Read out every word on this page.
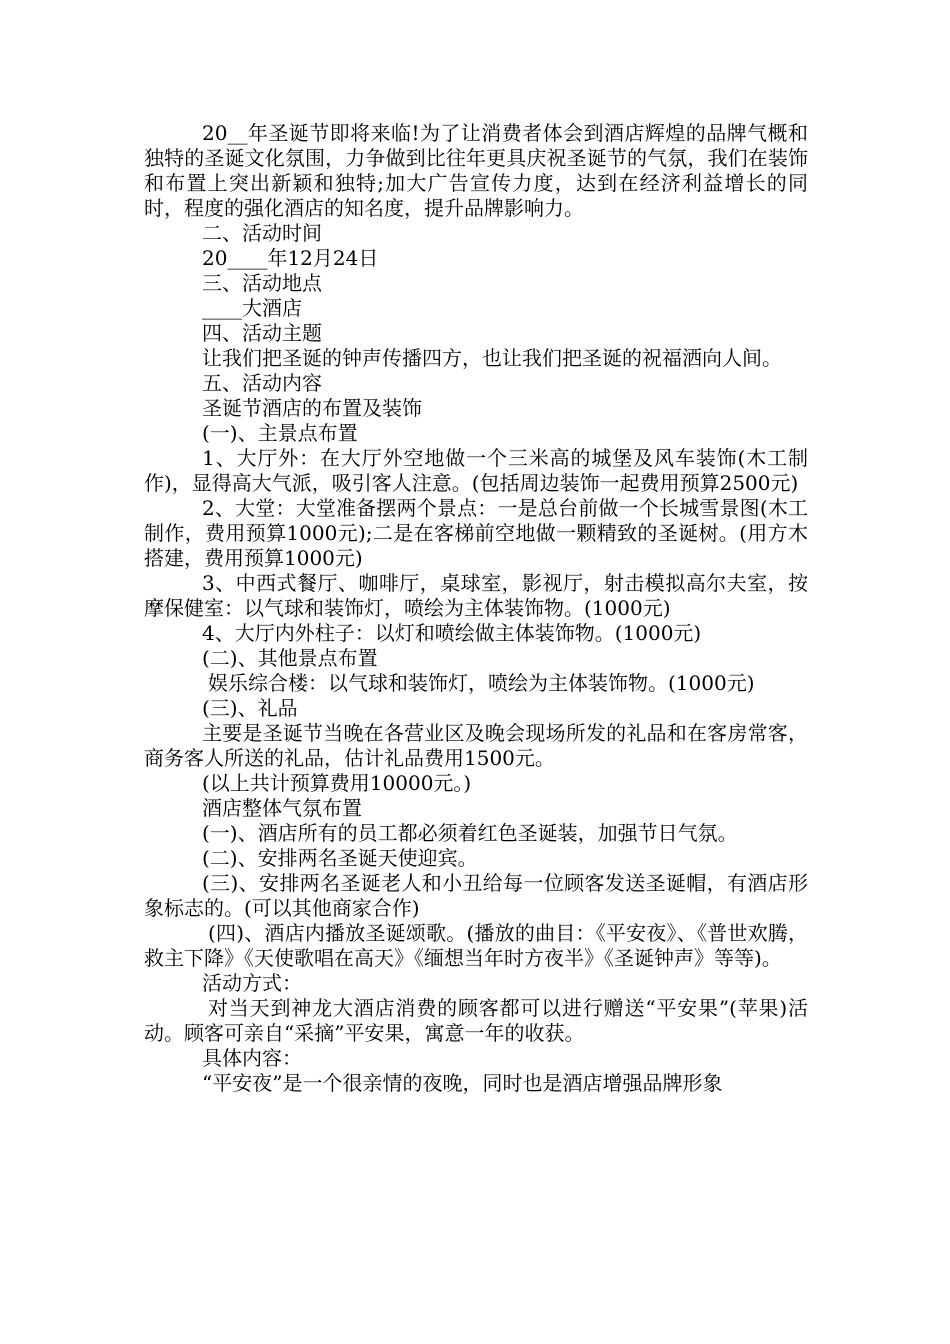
20__年圣诞节即将来临!为了让消费者体会到酒店辉煌的品牌气概和独特的圣诞文化氛围，力争做到比往年更具庆祝圣诞节的气氛，我们在装饰和布置上突出新颖和独特;加大广告宣传力度，达到在经济利益增长的同时，程度的强化酒店的知名度，提升品牌影响力。

二、活动时间

20____年12月24日

三、活动地点

____大酒店

四、活动主题

让我们把圣诞的钟声传播四方，也让我们把圣诞的祝福洒向人间。

五、活动内容

圣诞节酒店的布置及装饰

(一)、主景点布置

1、大厅外：在大厅外空地做一个三米高的城堡及风车装饰(木工制作)，显得高大气派，吸引客人注意。(包括周边装饰一起费用预算2500元)

2、大堂：大堂准备摆两个景点：一是总台前做一个长城雪景图(木工制作，费用预算1000元);二是在客梯前空地做一颗精致的圣诞树。(用方木搭建，费用预算1000元)

3、中西式餐厅、咖啡厅，桌球室，影视厅，射击模拟高尔夫室，按摩保健室：以气球和装饰灯，喷绘为主体装饰物。(1000元)

4、大厅内外柱子：以灯和喷绘做主体装饰物。(1000元)

(二)、其他景点布置

娱乐综合楼：以气球和装饰灯，喷绘为主体装饰物。(1000元)

(三)、礼品

主要是圣诞节当晚在各营业区及晚会现场所发的礼品和在客房常客，商务客人所送的礼品，估计礼品费用1500元。

(以上共计预算费用10000元。)

酒店整体气氛布置

(一)、酒店所有的员工都必须着红色圣诞装，加强节日气氛。

(二)、安排两名圣诞天使迎宾。

(三)、安排两名圣诞老人和小丑给每一位顾客发送圣诞帽，有酒店形象标志的。(可以其他商家合作)

(四)、酒店内播放圣诞颂歌。(播放的曲目：《平安夜》、《普世欢腾，救主下降》《天使歌唱在高天》《缅想当年时方夜半》《圣诞钟声》等等)。

活动方式：

对当天到神龙大酒店消费的顾客都可以进行赠送“平安果”(苹果)活动。顾客可亲自“采摘”平安果，寓意一年的收获。

具体内容：

“平安夜”是一个很亲情的夜晚，同时也是酒店增强品牌形象
